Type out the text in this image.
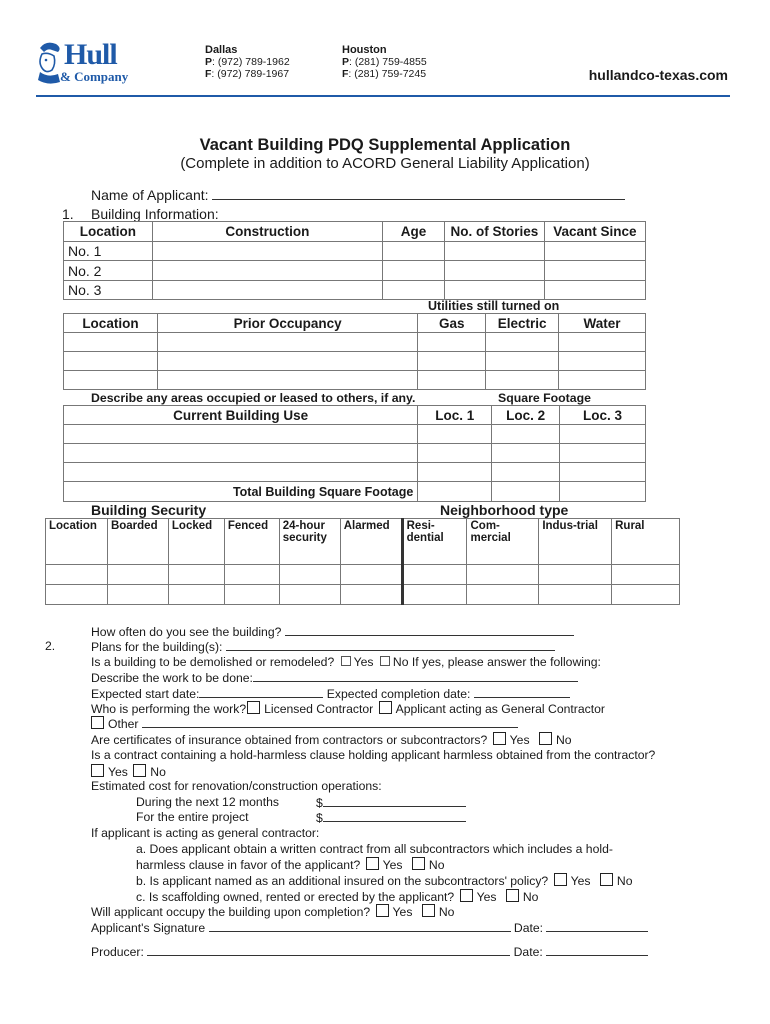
Hull
& Company
Dallas
P: (972) 789-1962
F: (972) 789-1967
Houston
P: (281) 759-4855
F: (281) 759-7245	hullandco-texas.com
Vacant Building PDQ Supplemental Application
(Complete in addition to ACORD General Liability Application)
Name of Applicant:
1. Building Information:
Location	Construction	Age	No. of Stories	Vacant Since
No. 1				
No. 2				
No. 3				
Utilities still turned on
Location	Prior Occupancy	Gas	Electric	Water

Describe any areas occupied or leased to others, if any.	Square Footage
Current Building Use	Loc. 1	Loc. 2	Loc. 3

Total Building Square Footage			
Building Security	Neighborhood type
Location	Boarded	Locked	Fenced	24-hour security	Alarmed	Resi-dential	Com-mercial	Indus-trial	Rural

How often do you see the building?
2.	Plans for the building(s):
Is a building to be demolished or remodeled? Yes No If yes, please answer the following:
Describe the work to be done:
Expected start date:	Expected completion date:
Who is performing the work? Licensed Contractor Applicant acting as General Contractor
Other
Are certificates of insurance obtained from contractors or subcontractors? Yes No
Is a contract containing a hold-harmless clause holding applicant harmless obtained from the contractor?
Yes No
Estimated cost for renovation/construction operations:
During the next 12 months	$
For the entire project	$
If applicant is acting as general contractor:
a. Does applicant obtain a written contract from all subcontractors which includes a hold-
harmless clause in favor of the applicant? Yes No
b. Is applicant named as an additional insured on the subcontractors' policy? Yes No
c. Is scaffolding owned, rented or erected by the applicant? Yes No
Will applicant occupy the building upon completion? Yes No
Applicant's Signature	Date:
Producer:	Date:
